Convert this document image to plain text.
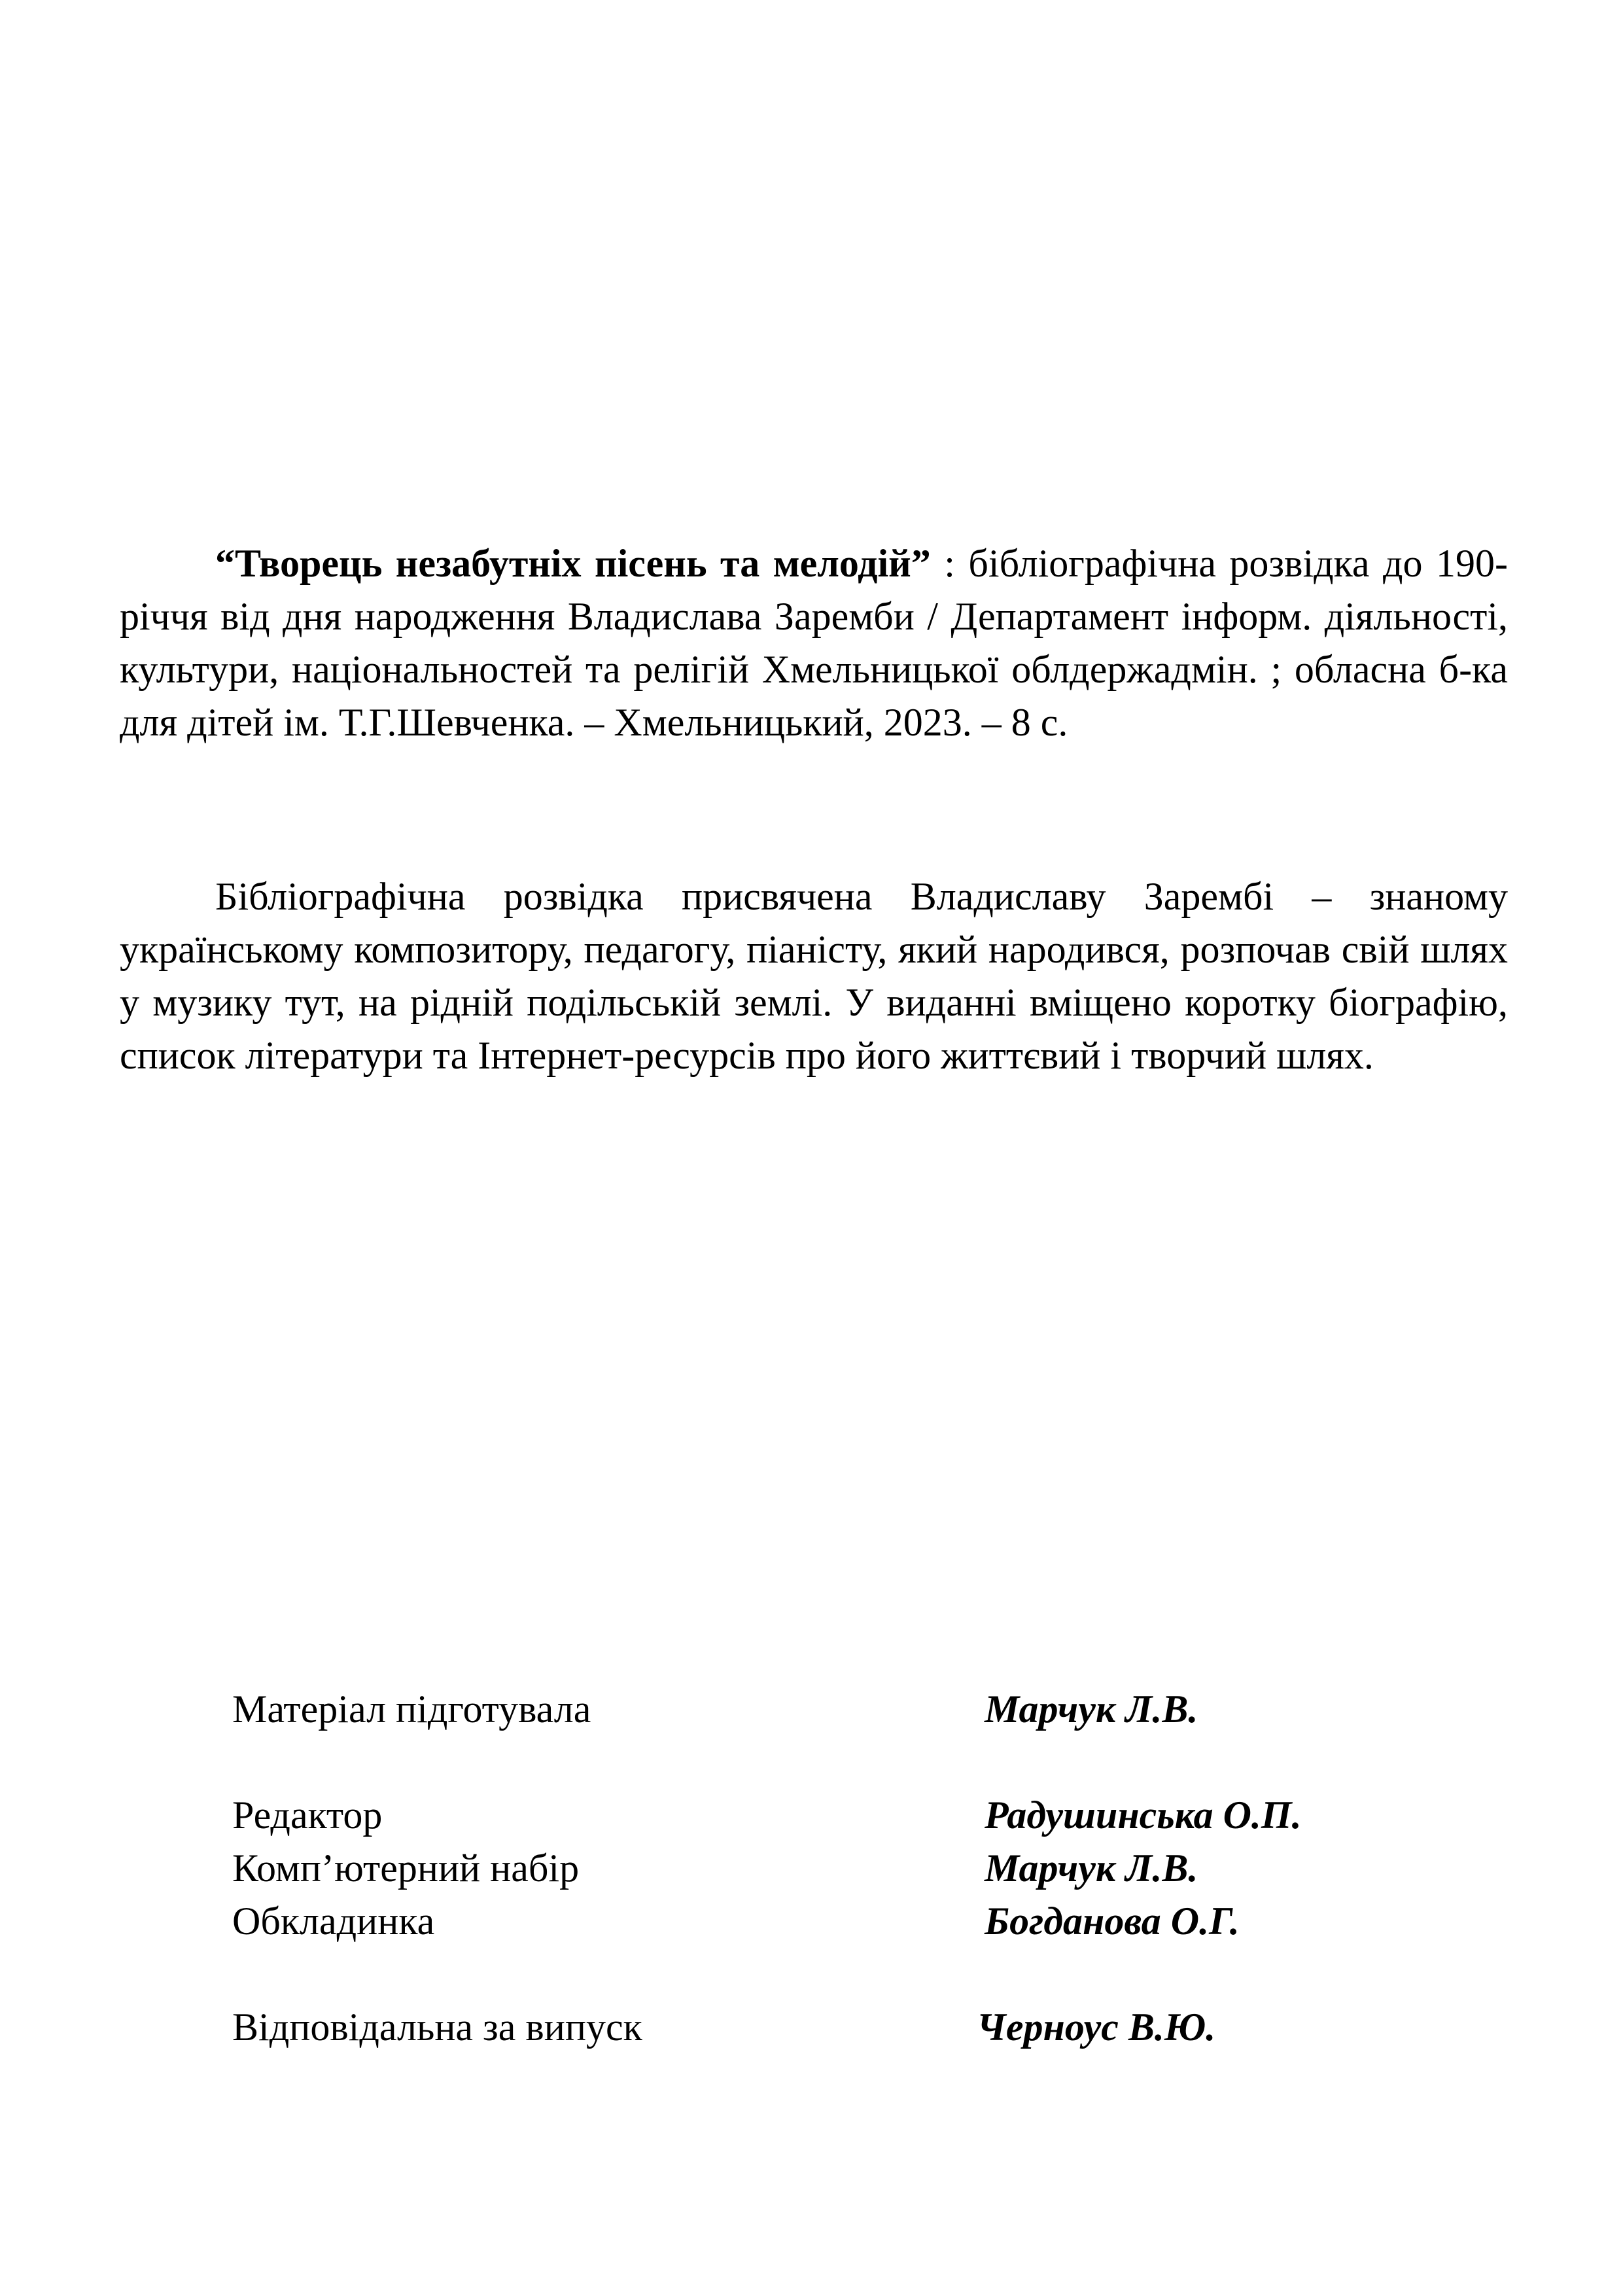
“Творець незабутніх пісень та мелодій” : бібліографічна розвідка до 190-річчя від дня народження Владислава Заремби / Департамент інформ. діяльності, культури, національностей та релігій Хмельницької облдержадмін. ; обласна б-ка для дітей ім. Т.Г.Шевченка. – Хмельницький, 2023. – 8 с.

Бібліографічна розвідка присвячена Владиславу Зарембі – знаному українському композитору, педагогу, піаністу, який народився, розпочав свій шлях у музику тут, на рідній подільській землі. У виданні вміщено коротку біографію, список літератури та Інтернет-ресурсів про його життєвий і творчий шлях.

Матеріал підготувала	Марчук Л.В.
Редактор	Радушинська О.П.
Комп’ютерний набір	Марчук Л.В.
Обкладинка	Богданова О.Г.
Відповідальна за випуск	Черноус В.Ю.
